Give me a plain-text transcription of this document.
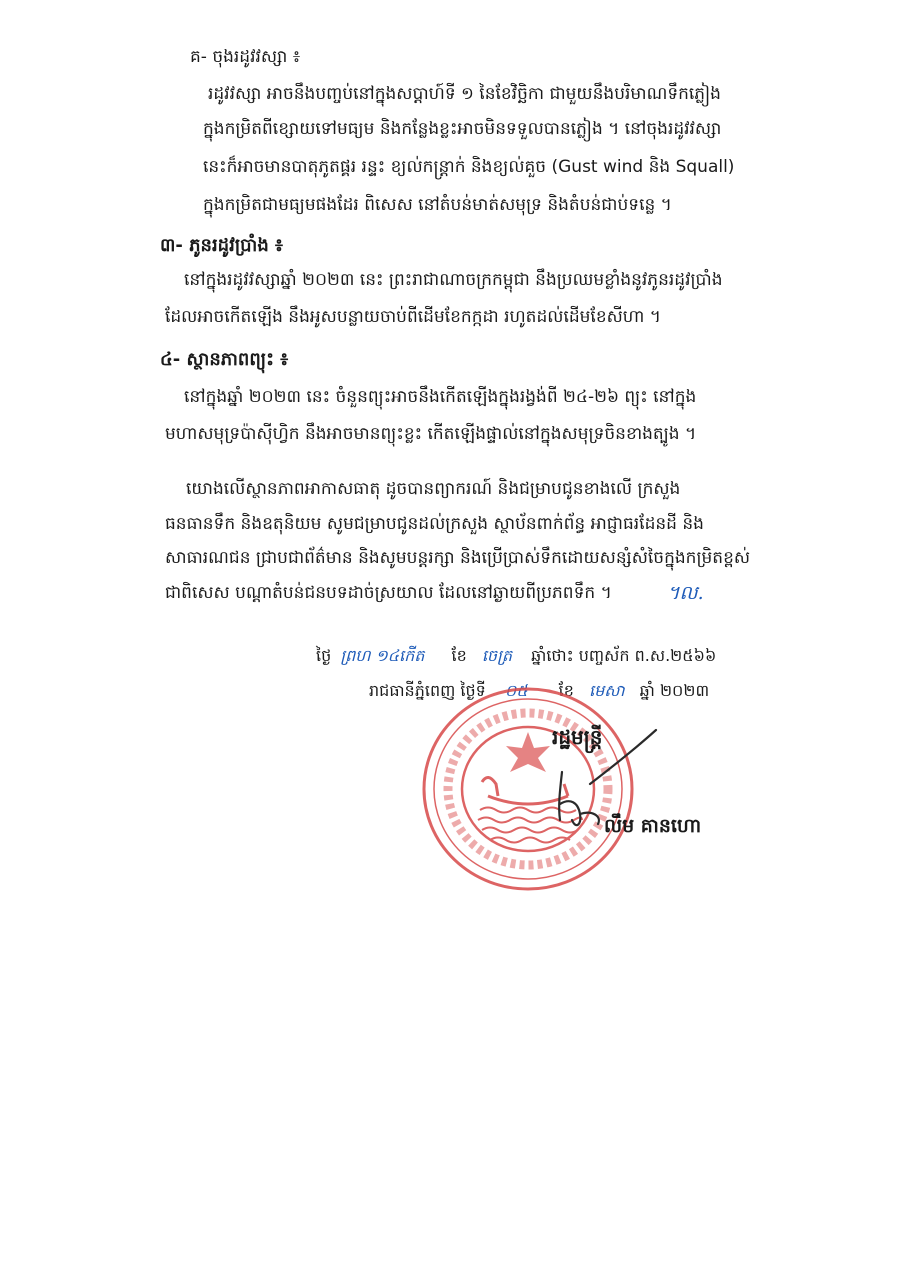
គ- ចុងរដូវវស្សា ៖
រដូវវស្សា អាចនឹងបញ្ចប់នៅក្នុងសប្តាហ៍ទី ១ នៃខែវិច្ឆិកា ជាមួយនឹងបរិមាណទឹកភ្លៀង
ក្នុងកម្រិតពីខ្សោយទៅមធ្យម និងកន្លែងខ្លះអាចមិនទទួលបានភ្លៀង ។ នៅចុងរដូវវស្សា
នេះក៏អាចមានបាតុភូតផ្គរ រន្ទះ ខ្យល់កន្ត្រាក់ និងខ្យល់គួច (Gust wind និង Squall)
ក្នុងកម្រិតជាមធ្យមផងដែរ ពិសេស នៅតំបន់មាត់សមុទ្រ និងតំបន់ជាប់ទន្លេ ។
៣- ភូនរដូវប្រាំង ៖
នៅក្នុងរដូវវស្សាឆ្នាំ ២០២៣ នេះ ព្រះរាជាណាចក្រកម្ពុជា នឹងប្រឈមខ្លាំងនូវភូនរដូវប្រាំង
ដែលអាចកើតឡើង នឹងអូសបន្លាយចាប់ពីដើមខែកក្កដា រហូតដល់ដើមខែសីហា ។
៤- ស្ថានភាពព្យុះ ៖
នៅក្នុងឆ្នាំ ២០២៣ នេះ ចំនួនព្យុះអាចនឹងកើតឡើងក្នុងរង្វង់ពី ២៤-២៦ ព្យុះ នៅក្នុង
មហាសមុទ្រប៉ាស៊ីហ្វិក នឹងអាចមានព្យុះខ្លះ កើតឡើងផ្ទាល់នៅក្នុងសមុទ្រចិនខាងត្បូង ។
យោងលើស្ថានភាពអាកាសធាតុ ដូចបានព្យាករណ៍ និងជម្រាបជូនខាងលើ ក្រសួង
ធនធានទឹក និងឧតុនិយម សូមជម្រាបជូនដល់ក្រសួង ស្ថាប័នពាក់ព័ន្ធ អាជ្ញាធរដែនដី និង
សាធារណជន ជ្រាបជាព័ត៌មាន និងសូមបន្តរក្សា និងប្រើប្រាស់ទឹកដោយសន្សំសំចៃក្នុងកម្រិតខ្ពស់
ជាពិសេស បណ្តាតំបន់ជនបទដាច់ស្រយាល ដែលនៅឆ្ងាយពីប្រភពទឹក ។	។ល.
ថ្ងៃ ព្រហ ១៤កើត ខែ ចេត្រ ឆ្នាំថោះ បញ្ចស័ក ព.ស.២៥៦៦
រាជធានីភ្នំពេញ ថ្ងៃទី ០៥ ខែ មេសា ឆ្នាំ ២០២៣
រដ្ឋមន្ត្រី
លឹម គានហោ
